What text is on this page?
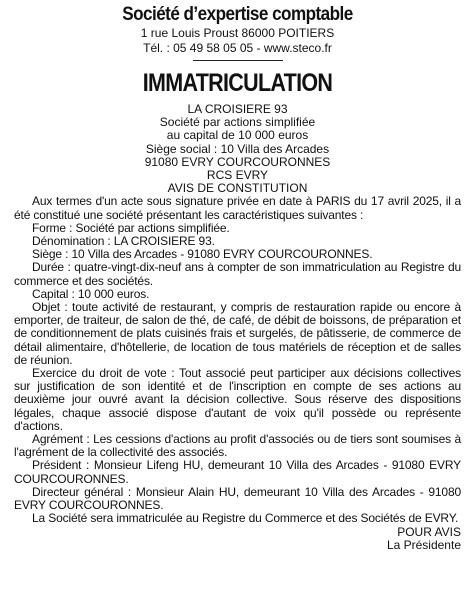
Société d’expertise comptable

1 rue Louis Proust 86000 POITIERS

Tél. : 05 49 58 05 05 - www.steco.fr

IMMATRICULATION

LA CROISIERE 93

Société par actions simplifiée

au capital de 10 000 euros

Siège social : 10 Villa des Arcades

91080 EVRY COURCOURONNES

RCS EVRY

AVIS DE CONSTITUTION

Aux termes d'un acte sous signature privée en date à PARIS du 17 avril 2025, il a été constitué une société présentant les caractéristiques suivantes :

Forme : Société par actions simplifiée.

Dénomination : LA CROISIERE 93.

Siège : 10 Villa des Arcades - 91080 EVRY COURCOURONNES.

Durée : quatre-vingt-dix-neuf ans à compter de son immatriculation au Registre du commerce et des sociétés.

Capital : 10 000 euros.

Objet : toute activité de restaurant, y compris de restauration rapide ou encore à emporter, de traiteur, de salon de thé, de café, de débit de boissons, de préparation et de conditionnement de plats cuisinés frais et surgelés, de pâtisserie, de commerce de détail alimentaire, d'hôtellerie, de location de tous matériels de réception et de salles de réunion.

Exercice du droit de vote : Tout associé peut participer aux décisions collectives sur justification de son identité et de l'inscription en compte de ses actions au deuxième jour ouvré avant la décision collective. Sous réserve des dispositions légales, chaque associé dispose d'autant de voix qu'il possède ou représente d'actions.

Agrément : Les cessions d'actions au profit d'associés ou de tiers sont soumises à l'agrément de la collectivité des associés.

Président : Monsieur Lifeng HU, demeurant 10 Villa des Arcades - 91080 EVRY COURCOURONNES.

Directeur général : Monsieur Alain HU, demeurant 10 Villa des Arcades - 91080 EVRY COURCOURONNES.

La Société sera immatriculée au Registre du Commerce et des Sociétés de EVRY.

POUR AVIS

La Présidente
